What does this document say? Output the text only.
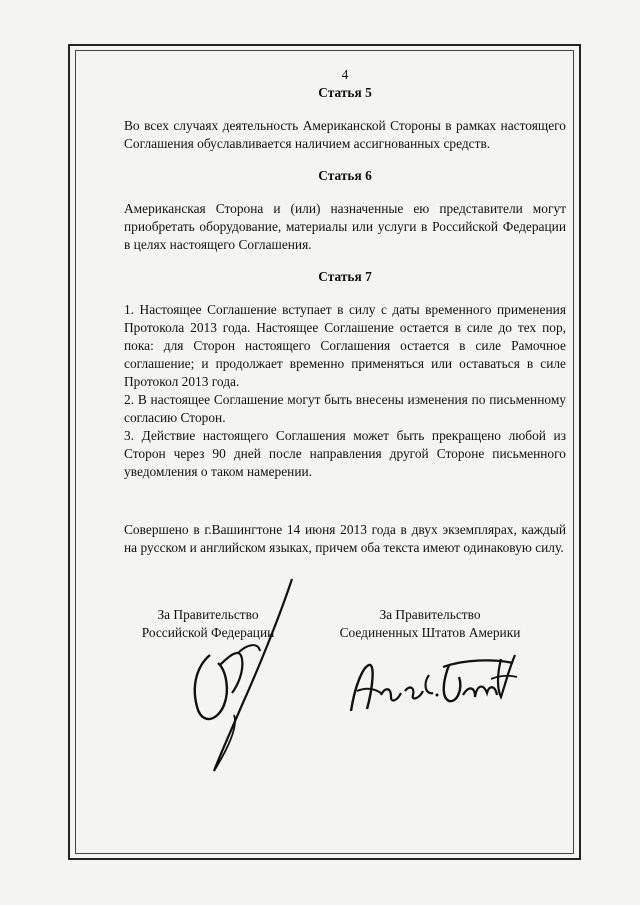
4

Статья 5

Во всех случаях деятельность Американской Стороны в рамках настоящего Соглашения обуславливается наличием ассигнованных средств.

Статья 6

Американская Сторона и (или) назначенные ею представители могут приобретать оборудование, материалы или услуги в Российской Федерации в целях настоящего Соглашения.

Статья 7

1. Настоящее Соглашение вступает в силу с даты временного применения Протокола 2013 года. Настоящее Соглашение остается в силе до тех пор, пока: для Сторон настоящего Соглашения остается в силе Рамочное соглашение; и продолжает временно применяться или оставаться в силе Протокол 2013 года.

2. В настоящее Соглашение могут быть внесены изменения по письменному согласию Сторон.

3. Действие настоящего Соглашения может быть прекращено любой из Сторон через 90 дней после направления другой Стороне письменного уведомления о таком намерении.

Совершено в г.Вашингтоне 14 июня 2013 года в двух экземплярах, каждый на русском и английском языках, причем оба текста имеют одинаковую силу.

За Правительство
Российской Федерации
За Правительство
Соединенных Штатов Америки
